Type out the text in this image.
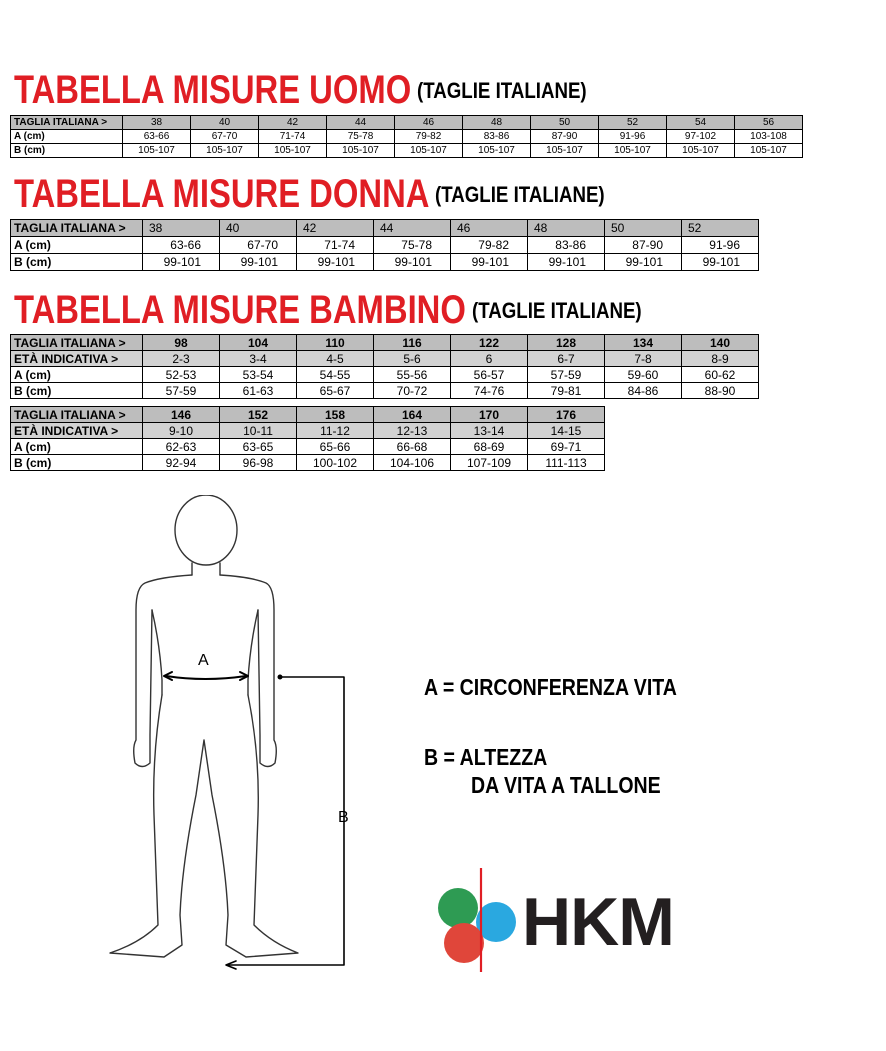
TABELLA MISURE UOMO (TAGLIE ITALIANE)
TAGLIA ITALIANA >	38	40	42	44	46	48	50	52	54	56
A (cm)	63-66	67-70	71-74	75-78	79-82	83-86	87-90	91-96	97-102	103-108
B (cm)	105-107	105-107	105-107	105-107	105-107	105-107	105-107	105-107	105-107	105-107
TABELLA MISURE DONNA (TAGLIE ITALIANE)
TAGLIA ITALIANA >	38	40	42	44	46	48	50	52
A (cm)	63-66	67-70	71-74	75-78	79-82	83-86	87-90	91-96
B (cm)	99-101	99-101	99-101	99-101	99-101	99-101	99-101	99-101
TABELLA MISURE BAMBINO (TAGLIE ITALIANE)
TAGLIA ITALIANA >	98	104	110	116	122	128	134	140
ETÀ INDICATIVA >	2-3	3-4	4-5	5-6	6	6-7	7-8	8-9
A (cm)	52-53	53-54	54-55	55-56	56-57	57-59	59-60	60-62
B (cm)	57-59	61-63	65-67	70-72	74-76	79-81	84-86	88-90
TAGLIA ITALIANA >	146	152	158	164	170	176
ETÀ INDICATIVA >	9-10	10-11	11-12	12-13	13-14	14-15
A (cm)	62-63	63-65	65-66	66-68	68-69	69-71
B (cm)	92-94	96-98	100-102	104-106	107-109	111-113
A
B
A = CIRCONFERENZA VITA
B = ALTEZZA
DA VITA A TALLONE
HKM
